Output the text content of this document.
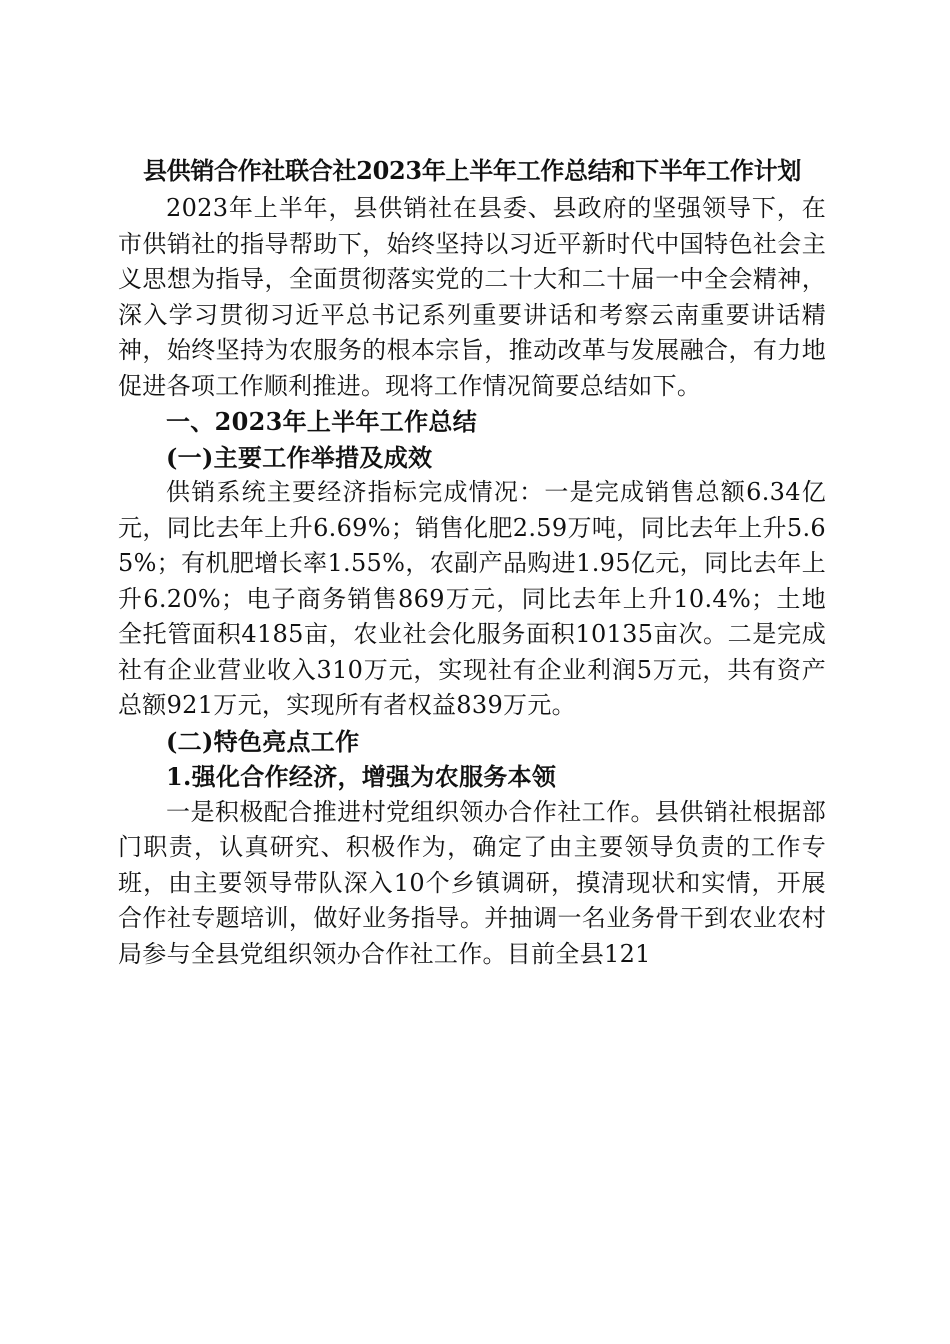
县供销合作社联合社2023年上半年工作总结和下半年工作计划

2023年上半年，县供销社在县委、县政府的坚强领导下，在市供销社的指导帮助下，始终坚持以习近平新时代中国特色社会主义思想为指导，全面贯彻落实党的二十大和二十届一中全会精神，深入学习贯彻习近平总书记系列重要讲话和考察云南重要讲话精神，始终坚持为农服务的根本宗旨，推动改革与发展融合，有力地促进各项工作顺利推进。现将工作情况简要总结如下。

一、2023年上半年工作总结
(一)主要工作举措及成效

供销系统主要经济指标完成情况：一是完成销售总额6.34亿元，同比去年上升6.69%；销售化肥2.59万吨，同比去年上升5.65%；有机肥增长率1.55%，农副产品购进1.95亿元，同比去年上升6.20%；电子商务销售869万元，同比去年上升10.4%；土地全托管面积4185亩，农业社会化服务面积10135亩次。二是完成社有企业营业收入310万元，实现社有企业利润5万元，共有资产总额921万元，实现所有者权益839万元。

(二)特色亮点工作
1.强化合作经济，增强为农服务本领

一是积极配合推进村党组织领办合作社工作。县供销社根据部门职责，认真研究、积极作为，确定了由主要领导负责的工作专班，由主要领导带队深入10个乡镇调研，摸清现状和实情，开展合作社专题培训，做好业务指导。并抽调一名业务骨干到农业农村局参与全县党组织领办合作社工作。目前全县121
